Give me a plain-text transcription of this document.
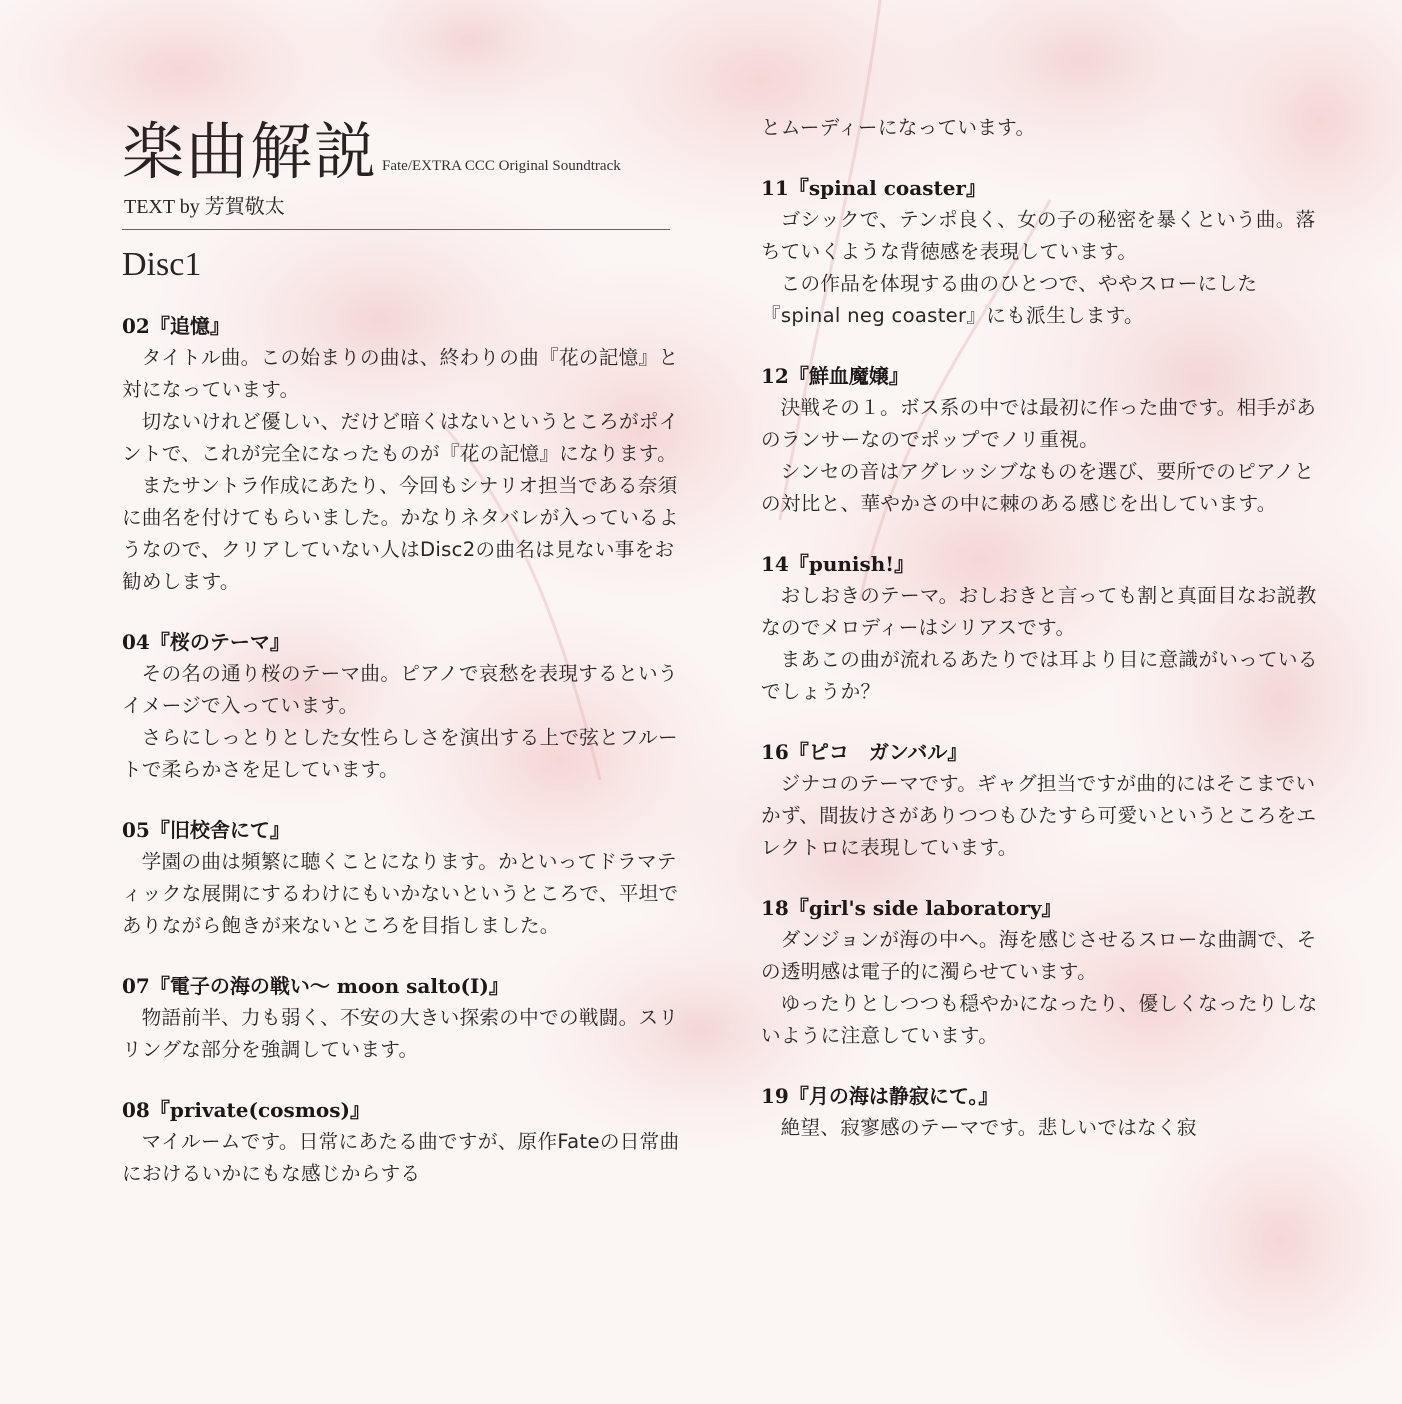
楽曲解説 Fate/EXTRA CCC Original Soundtrack
TEXT by 芳賀敬太
Disc1
02『追憶』
タイトル曲。この始まりの曲は、終わりの曲『花の記憶』と対になっています。
切ないけれど優しい、だけど暗くはないというところがポイントで、これが完全になったものが『花の記憶』になります。
またサントラ作成にあたり、今回もシナリオ担当である奈須に曲名を付けてもらいました。かなりネタバレが入っているようなので、クリアしていない人はDisc2の曲名は見ない事をお勧めします。
04『桜のテーマ』
その名の通り桜のテーマ曲。ピアノで哀愁を表現するというイメージで入っています。
さらにしっとりとした女性らしさを演出する上で弦とフルートで柔らかさを足しています。
05『旧校舎にて』
学園の曲は頻繁に聴くことになります。かといってドラマティックな展開にするわけにもいかないというところで、平坦でありながら飽きが来ないところを目指しました。
07『電子の海の戦い～ moon salto(Ⅰ)』
物語前半、力も弱く、不安の大きい探索の中での戦闘。スリリングな部分を強調しています。
08『private(cosmos)』
マイルームです。日常にあたる曲ですが、原作Fateの日常曲におけるいかにもな感じからする
とムーディーになっています。
11『spinal coaster』
ゴシックで、テンポ良く、女の子の秘密を暴くという曲。落ちていくような背徳感を表現しています。
この作品を体現する曲のひとつで、ややスローにした『spinal neg coaster』にも派生します。
12『鮮血魔嬢』
決戦その１。ボス系の中では最初に作った曲です。相手があのランサーなのでポップでノリ重視。
シンセの音はアグレッシブなものを選び、要所でのピアノとの対比と、華やかさの中に棘のある感じを出しています。
14『punish!』
おしおきのテーマ。おしおきと言っても割と真面目なお説教なのでメロディーはシリアスです。
まあこの曲が流れるあたりでは耳より目に意識がいっているでしょうか？
16『ピコ　ガンバル』
ジナコのテーマです。ギャグ担当ですが曲的にはそこまでいかず、間抜けさがありつつもひたすら可愛いというところをエレクトロに表現しています。
18『girl's side laboratory』
ダンジョンが海の中へ。海を感じさせるスローな曲調で、その透明感は電子的に濁らせています。
ゆったりとしつつも穏やかになったり、優しくなったりしないように注意しています。
19『月の海は静寂にて。』
絶望、寂寥感のテーマです。悲しいではなく寂
